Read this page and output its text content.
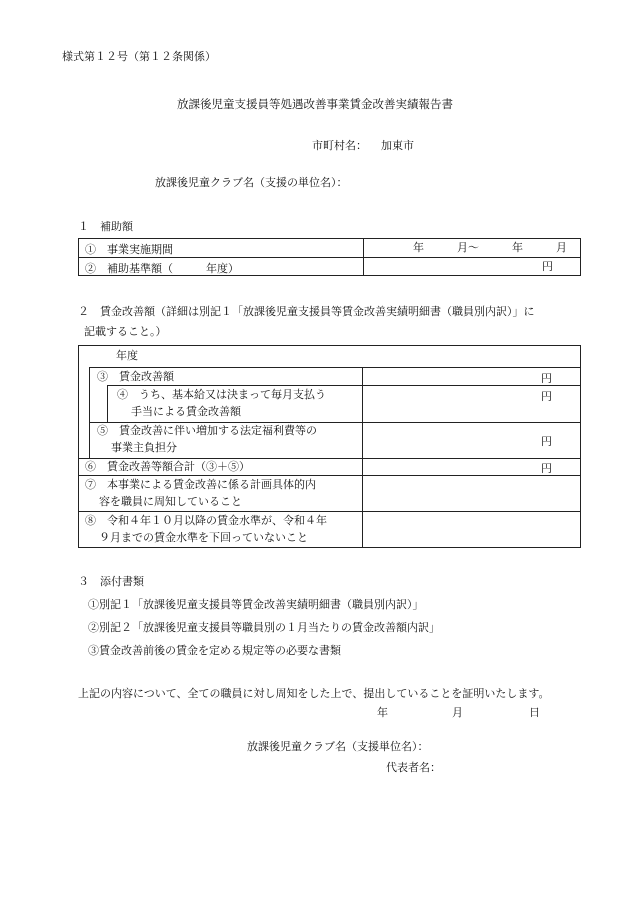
様式第１２号（第１２条関係）
放課後児童支援員等処遇改善事業賃金改善実績報告書
市町村名： 加東市
放課後児童クラブ名（支援の単位名）：
１　補助額
①　事業実施期間	年　　　月～　　　年　　　月
②　補助基準額（　　　年度）	円
２　賃金改善額（詳細は別記１「放課後児童支援員等賃金改善実績明細書（職員別内訳）」に
記載すること。）
年度
③　賃金改善額	円
④　うち、基本給又は決まって毎月支払う
手当による賃金改善額
円
⑤　賃金改善に伴い増加する法定福利費等の
事業主負担分	円
⑥　賃金改善等額合計（③＋⑤）	円
⑦　本事業による賃金改善に係る計画具体的内
容を職員に周知していること
⑧　令和４年１０月以降の賃金水準が、令和４年
９月までの賃金水準を下回っていないこと
３　添付書類
①別記１「放課後児童支援員等賃金改善実績明細書（職員別内訳）」
②別記２「放課後児童支援員等職員別の１月当たりの賃金改善額内訳」
③賃金改善前後の賃金を定める規定等の必要な書類
上記の内容について、全ての職員に対し周知をした上で、提出していることを証明いたします。
年	月	日
放課後児童クラブ名（支援単位名）：
代表者名：
